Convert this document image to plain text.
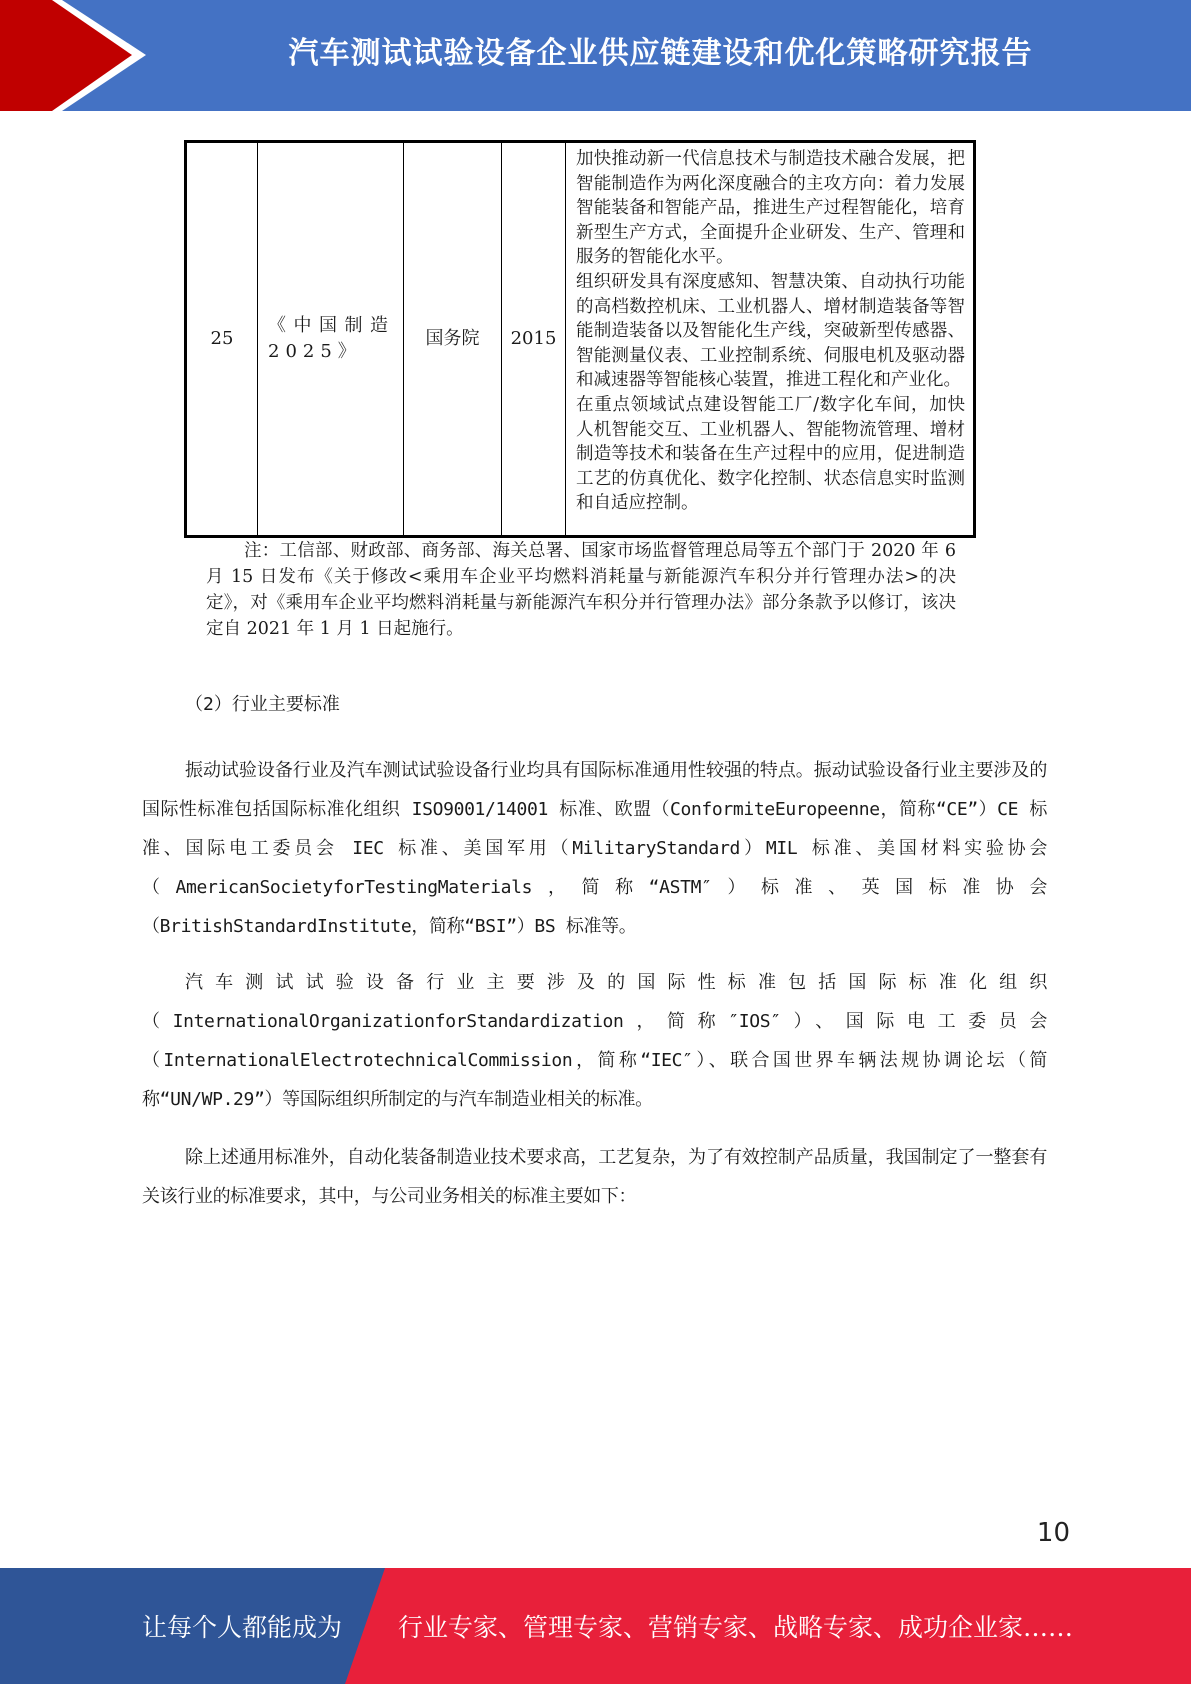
汽车测试试验设备企业供应链建设和优化策略研究报告
25
《中国制造2025》
国务院	2015

加快推动新一代信息技术与制造技术融合发展，把智能制造作为两化深度融合的主攻方向：着力发展智能装备和智能产品，推进生产过程智能化，培育新型生产方式，全面提升企业研发、生产、管理和服务的智能化水平。

组织研发具有深度感知、智慧决策、自动执行功能的高档数控机床、工业机器人、增材制造装备等智能制造装备以及智能化生产线，突破新型传感器、智能测量仪表、工业控制系统、伺服电机及驱动器和减速器等智能核心装置，推进工程化和产业化。

在重点领域试点建设智能工厂/数字化车间，加快人机智能交互、工业机器人、智能物流管理、增材制造等技术和装备在生产过程中的应用，促进制造工艺的仿真优化、数字化控制、状态信息实时监测和自适应控制。

注：工信部、财政部、商务部、海关总署、国家市场监督管理总局等五个部门于 2020 年 6 月 15 日发布《关于修改<乘用车企业平均燃料消耗量与新能源汽车积分并行管理办法>的决定》，对《乘用车企业平均燃料消耗量与新能源汽车积分并行管理办法》部分条款予以修订，该决定自 2021 年 1 月 1 日起施行。

（2）行业主要标准

振动试验设备行业及汽车测试试验设备行业均具有国际标准通用性较强的特点。振动试验设备行业主要涉及的国际性标准包括国际标准化组织 ISO9001/14001 标准、欧盟（ConformiteEuropeenne，简称“CE”）CE 标准、国际电工委员会 IEC 标准、美国军用（MilitaryStandard）MIL 标准、美国材料实验协会（AmericanSocietyforTestingMaterials，简称“ASTM″）标准、英国标准协会（BritishStandardInstitute，简称“BSI”）BS 标准等。

汽车测试试验设备行业主要涉及的国际性标准包括国际标准化组织（InternationalOrganizationforStandardization，简称″IOS″）、国际电工委员会（InternationalElectrotechnicalCommission，简称“IEC″）、联合国世界车辆法规协调论坛（简称“UN/WP.29”）等国际组织所制定的与汽车制造业相关的标准。

除上述通用标准外，自动化装备制造业技术要求高，工艺复杂，为了有效控制产品质量，我国制定了一整套有关该行业的标准要求，其中，与公司业务相关的标准主要如下：

10
让每个人都能成为 行业专家、管理专家、营销专家、战略专家、成功企业家……
